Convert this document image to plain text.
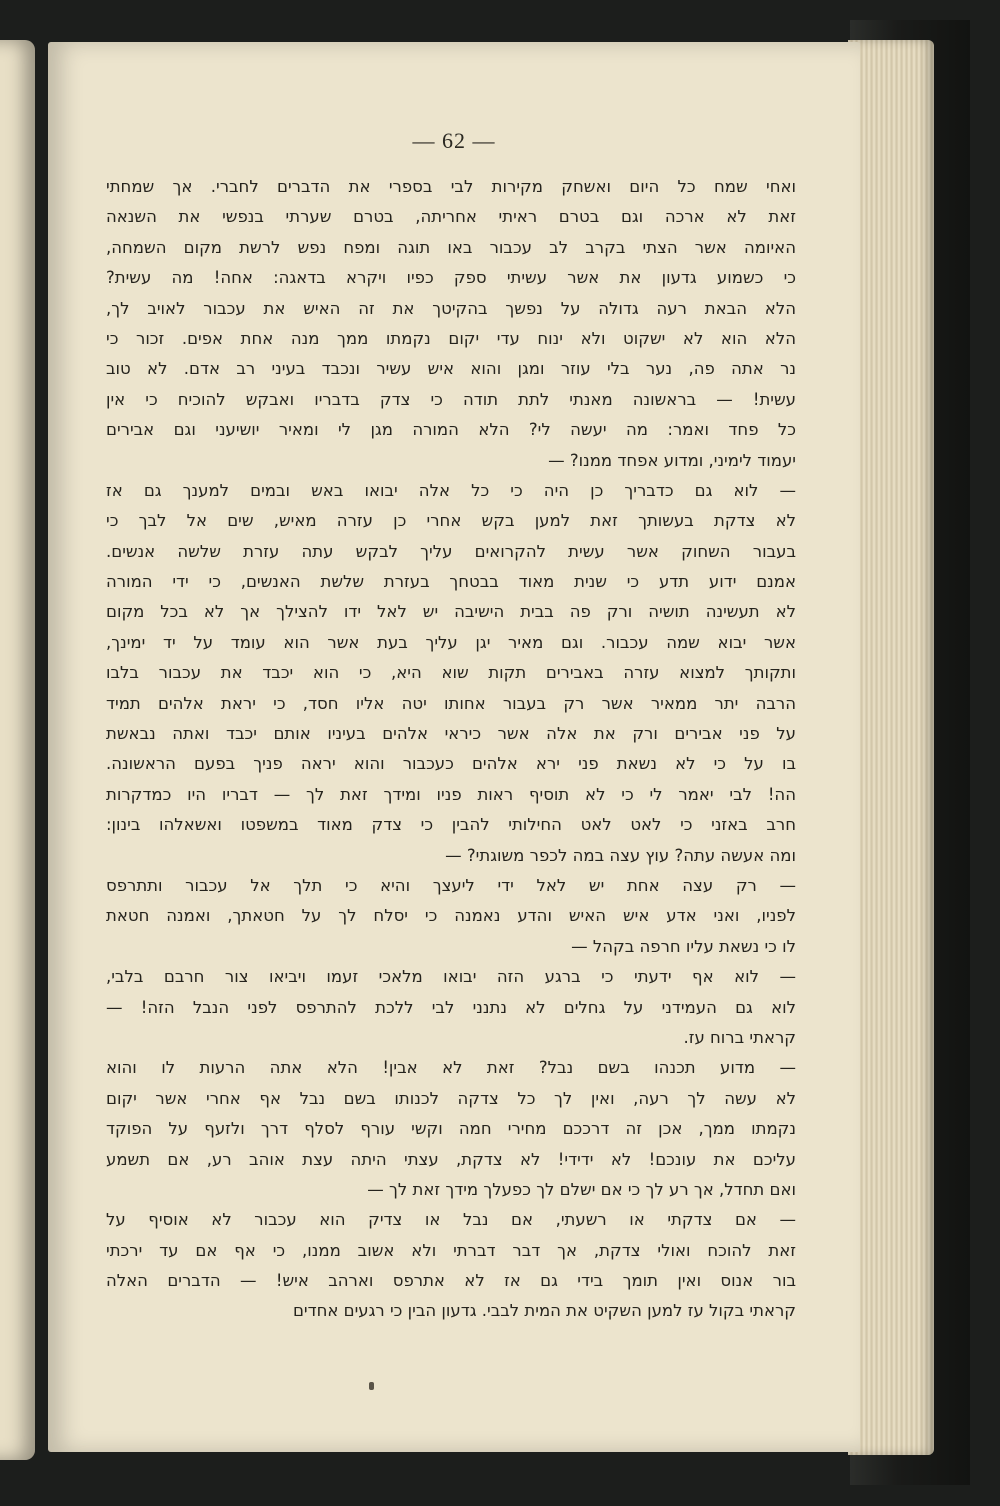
— 62 —
ואחי שמח כל היום ואשחק מקירות לבי בספרי את הדברים לחברי. אך שמחתי
זאת לא ארכה וגם בטרם ראיתי אחריתה, בטרם שערתי בנפשי את השנאה
האיומה אשר הצתי בקרב לב עכבור באו תוגה ומפח נפש לרשת מקום השמחה,
כי כשמוע גדעון את אשר עשיתי ספק כפיו ויקרא בדאגה: אחה! מה עשית?
הלא הבאת רעה גדולה על נפשך בהקיטך את זה האיש את עכבור לאויב לך,
הלא הוא לא ישקוט ולא ינוח עדי יקום נקמתו ממך מנה אחת אפים. זכור כי
נר אתה פה, נער בלי עוזר ומגן והוא איש עשיר ונכבד בעיני רב אדם. לא טוב
עשית! — בראשונה מאנתי לתת תודה כי צדק בדבריו ואבקש להוכיח כי אין
כל פחד ואמר: מה יעשה לי? הלא המורה מגן לי ומאיר יושיעני וגם אבירים
יעמוד לימיני, ומדוע אפחד ממנו? —
— לוא גם כדבריך כן היה כי כל אלה יבואו באש ובמים למענך גם אז
לא צדקת בעשותך זאת למען בקש אחרי כן עזרה מאיש, שים אל לבך כי
בעבור השחוק אשר עשית להקרואים עליך לבקש עתה עזרת שלשה אנשים.
אמנם ידוע תדע כי שנית מאוד בבטחך בעזרת שלשת האנשים, כי ידי המורה
לא תעשינה תושיה ורק פה בבית הישיבה יש לאל ידו להצילך אך לא בכל מקום
אשר יבוא שמה עכבור. וגם מאיר יגן עליך בעת אשר הוא עומד על יד ימינך,
ותקותך למצוא עזרה באבירים תקות שוא היא, כי הוא יכבד את עכבור בלבו
הרבה יתר ממאיר אשר רק בעבור אחותו יטה אליו חסד, כי יראת אלהים תמיד
על פני אבירים ורק את אלה אשר כיראי אלהים בעיניו אותם יכבד ואתה נבאשת
בו על כי לא נשאת פני ירא אלהים כעכבור והוא יראה פניך בפעם הראשונה.
הה! לבי יאמר לי כי לא תוסיף ראות פניו ומידך זאת לך — דבריו היו כמדקרות
חרב באזני כי לאט לאט החילותי להבין כי צדק מאוד במשפטו ואשאלהו בינון:
ומה אעשה עתה? עוץ עצה במה לכפר משוגתי? —
— רק עצה אחת יש לאל ידי ליעצך והיא כי תלך אל עכבור ותתרפס
לפניו, ואני אדע איש האיש והדע נאמנה כי יסלח לך על חטאתך, ואמנה חטאת
לו כי נשאת עליו חרפה בקהל —
— לוא אף ידעתי כי ברגע הזה יבואו מלאכי זעמו ויביאו צור חרבם בלבי,
לוא גם העמידני על גחלים לא נתנני לבי ללכת להתרפס לפני הנבל הזה! —
קראתי ברוח עז.
— מדוע תכנהו בשם נבל? זאת לא אבין! הלא אתה הרעות לו והוא
לא עשה לך רעה, ואין לך כל צדקה לכנותו בשם נבל אף אחרי אשר יקום
נקמתו ממך, אכן זה דרככם מחירי חמה וקשי עורף לסלף דרך ולזעף על הפוקד
עליכם את עונכם! לא ידידי! לא צדקת, עצתי היתה עצת אוהב רע, אם תשמע
ואם תחדל, אך רע לך כי אם ישלם לך כפעלך מידך זאת לך —
— אם צדקתי או רשעתי, אם נבל או צדיק הוא עכבור לא אוסיף על
זאת להוכח ואולי צדקת, אך דבר דברתי ולא אשוב ממנו, כי אף אם עד ירכתי
בור אנוס ואין תומך בידי גם אז לא אתרפס וארהב איש! — הדברים האלה
קראתי בקול עז למען השקיט את המית לבבי. גדעון הבין כי רגעים אחדים
